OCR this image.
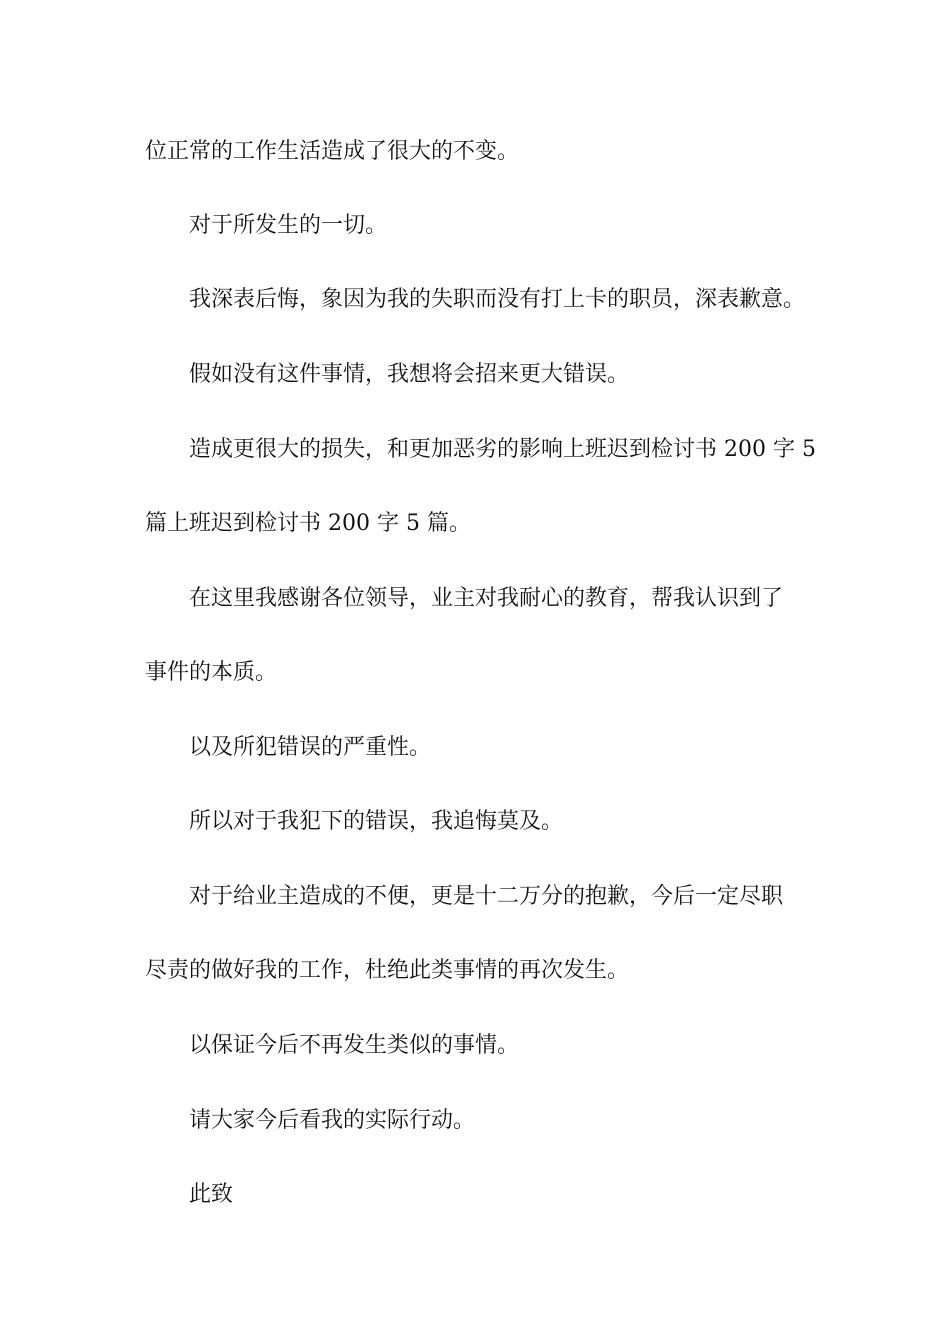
位正常的工作生活造成了很大的不变。

对于所发生的一切。

我深表后悔，象因为我的失职而没有打上卡的职员，深表歉意。

假如没有这件事情，我想将会招来更大错误。

造成更很大的损失，和更加恶劣的影响上班迟到检讨书 200 字 5

篇上班迟到检讨书 200 字 5 篇。

在这里我感谢各位领导，业主对我耐心的教育，帮我认识到了

事件的本质。

以及所犯错误的严重性。

所以对于我犯下的错误，我追悔莫及。

对于给业主造成的不便，更是十二万分的抱歉，今后一定尽职

尽责的做好我的工作，杜绝此类事情的再次发生。

以保证今后不再发生类似的事情。

请大家今后看我的实际行动。

此致
